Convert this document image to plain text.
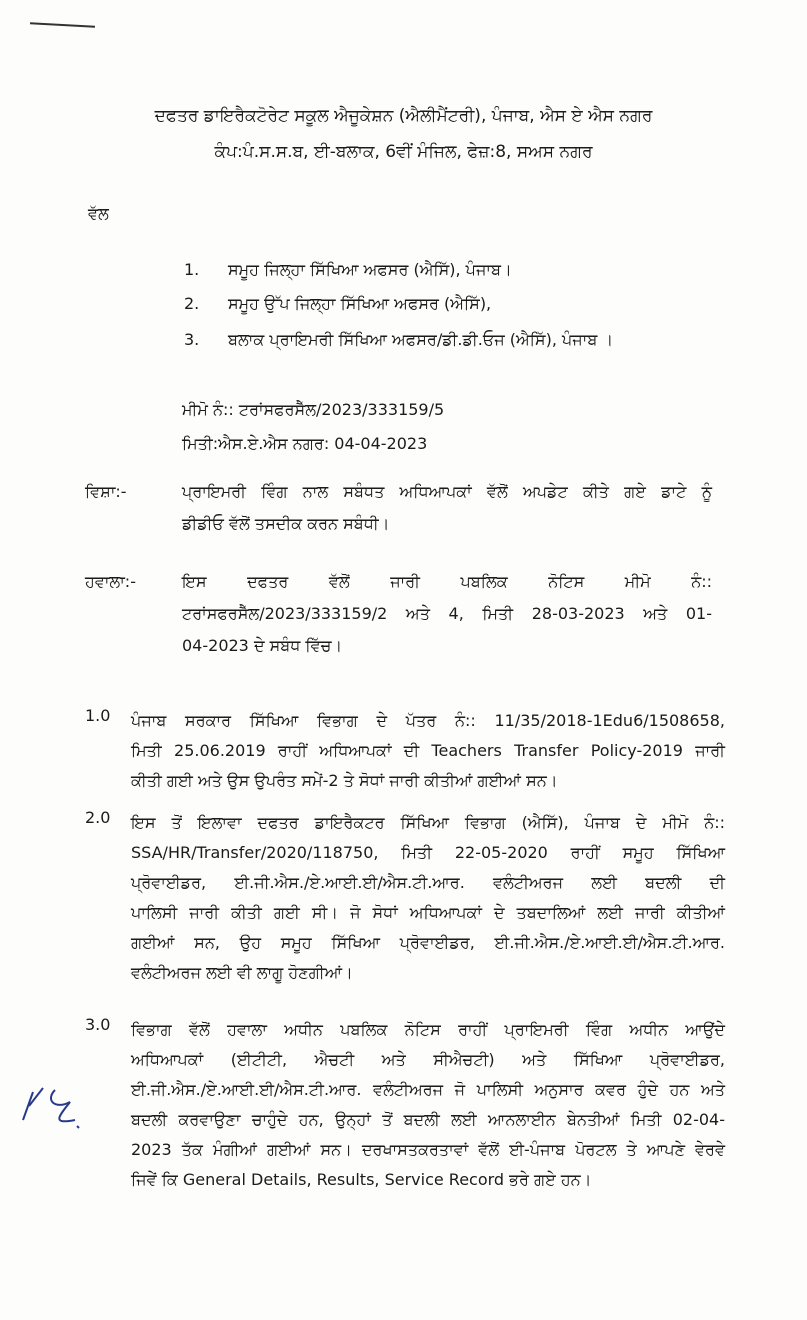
ਦਫਤਰ ਡਾਇਰੈਕਟੋਰੇਟ ਸਕੂਲ ਐਜੂਕੇਸ਼ਨ (ਐਲੀਮੈਂਟਰੀ), ਪੰਜਾਬ, ਐਸ ਏ ਐਸ ਨਗਰ
ਕੰਪ:ਪੰ.ਸ.ਸ.ਬ, ਈ-ਬਲਾਕ, 6ਵੀਂ ਮੰਜਿਲ, ਫੇਜ਼:8, ਸਅਸ ਨਗਰ
ਵੱਲ
1. ਸਮੂਹ ਜਿਲ੍ਹਾ ਸਿੱਖਿਆ ਅਫਸਰ (ਐਸਿੱ), ਪੰਜਾਬ।
2. ਸਮੂਹ ਉੱਪ ਜਿਲ੍ਹਾ ਸਿੱਖਿਆ ਅਫਸਰ (ਐਸਿੱ),
3. ਬਲਾਕ ਪ੍ਰਾਇਮਰੀ ਸਿੱਖਿਆ ਅਫਸਰ/ਡੀ.ਡੀ.ਓਜ (ਐਸਿੱ), ਪੰਜਾਬ ।
ਮੀਮੋ ਨੰ:: ਟਰਾਂਸਫਰਸੈੱਲ/2023/333159/5
ਮਿਤੀ:ਐਸ.ਏ.ਐਸ ਨਗਰ: 04-04-2023
ਵਿਸ਼ਾ:-	ਪ੍ਰਾਇਮਰੀ ਵਿੰਗ ਨਾਲ ਸਬੰਧਤ ਅਧਿਆਪਕਾਂ ਵੱਲੋਂ ਅਪਡੇਟ ਕੀਤੇ ਗਏ ਡਾਟੇ ਨੂੰ
ਡੀਡੀਓ ਵੱਲੋਂ ਤਸਦੀਕ ਕਰਨ ਸਬੰਧੀ।
ਹਵਾਲਾ:-	ਇਸ ਦਫਤਰ ਵੱਲੋਂ ਜਾਰੀ ਪਬਲਿਕ ਨੋਟਿਸ ਮੀਮੋ ਨੰ::
ਟਰਾਂਸਫਰਸੈੱਲ/2023/333159/2 ਅਤੇ 4, ਮਿਤੀ 28-03-2023 ਅਤੇ 01-
04-2023 ਦੇ ਸਬੰਧ ਵਿੱਚ।
1.0 ਪੰਜਾਬ ਸਰਕਾਰ ਸਿੱਖਿਆ ਵਿਭਾਗ ਦੇ ਪੱਤਰ ਨੰ:: 11/35/2018-1Edu6/1508658,
ਮਿਤੀ 25.06.2019 ਰਾਹੀਂ ਅਧਿਆਪਕਾਂ ਦੀ Teachers Transfer Policy-2019 ਜਾਰੀ
ਕੀਤੀ ਗਈ ਅਤੇ ਉਸ ਉਪਰੰਤ ਸਮੇਂ-2 ਤੇ ਸੋਧਾਂ ਜਾਰੀ ਕੀਤੀਆਂ ਗਈਆਂ ਸਨ।
2.0 ਇਸ ਤੋਂ ਇਲਾਵਾ ਦਫਤਰ ਡਾਇਰੈਕਟਰ ਸਿੱਖਿਆ ਵਿਭਾਗ (ਐਸਿੱ), ਪੰਜਾਬ ਦੇ ਮੀਮੋ ਨੰ::
SSA/HR/Transfer/2020/118750, ਮਿਤੀ 22-05-2020 ਰਾਹੀਂ ਸਮੂਹ ਸਿੱਖਿਆ
ਪ੍ਰੋਵਾਈਡਰ, ਈ.ਜੀ.ਐਸ./ਏ.ਆਈ.ਈ/ਐਸ.ਟੀ.ਆਰ. ਵਲੰਟੀਅਰਜ ਲਈ ਬਦਲੀ ਦੀ
ਪਾਲਿਸੀ ਜਾਰੀ ਕੀਤੀ ਗਈ ਸੀ। ਜੋ ਸੋਧਾਂ ਅਧਿਆਪਕਾਂ ਦੇ ਤਬਦਾਲਿਆਂ ਲਈ ਜਾਰੀ ਕੀਤੀਆਂ
ਗਈਆਂ ਸਨ, ਉਹ ਸਮੂਹ ਸਿੱਖਿਆ ਪ੍ਰੋਵਾਈਡਰ, ਈ.ਜੀ.ਐਸ./ਏ.ਆਈ.ਈ/ਐਸ.ਟੀ.ਆਰ.
ਵਲੰਟੀਅਰਜ ਲਈ ਵੀ ਲਾਗੂ ਹੋਣਗੀਆਂ।
3.0 ਵਿਭਾਗ ਵੱਲੋਂ ਹਵਾਲਾ ਅਧੀਨ ਪਬਲਿਕ ਨੋਟਿਸ ਰਾਹੀਂ ਪ੍ਰਾਇਮਰੀ ਵਿੰਗ ਅਧੀਨ ਆਉਂਦੇ
ਅਧਿਆਪਕਾਂ (ਈਟੀਟੀ, ਐਚਟੀ ਅਤੇ ਸੀਐਚਟੀ) ਅਤੇ ਸਿੱਖਿਆ ਪ੍ਰੋਵਾਈਡਰ,
ਈ.ਜੀ.ਐਸ./ਏ.ਆਈ.ਈ/ਐਸ.ਟੀ.ਆਰ. ਵਲੰਟੀਅਰਜ ਜੋ ਪਾਲਿਸੀ ਅਨੁਸਾਰ ਕਵਰ ਹੁੰਦੇ ਹਨ ਅਤੇ
ਬਦਲੀ ਕਰਵਾਉਣਾ ਚਾਹੁੰਦੇ ਹਨ, ਉਨ੍ਹਾਂ ਤੋਂ ਬਦਲੀ ਲਈ ਆਨਲਾਈਨ ਬੇਨਤੀਆਂ ਮਿਤੀ 02-04-
2023 ਤੱਕ ਮੰਗੀਆਂ ਗਈਆਂ ਸਨ। ਦਰਖਾਸਤਕਰਤਾਵਾਂ ਵੱਲੋਂ ਈ-ਪੰਜਾਬ ਪੋਰਟਲ ਤੇ ਆਪਣੇ ਵੇਰਵੇ
ਜਿਵੇਂ ਕਿ General Details, Results, Service Record ਭਰੇ ਗਏ ਹਨ।
